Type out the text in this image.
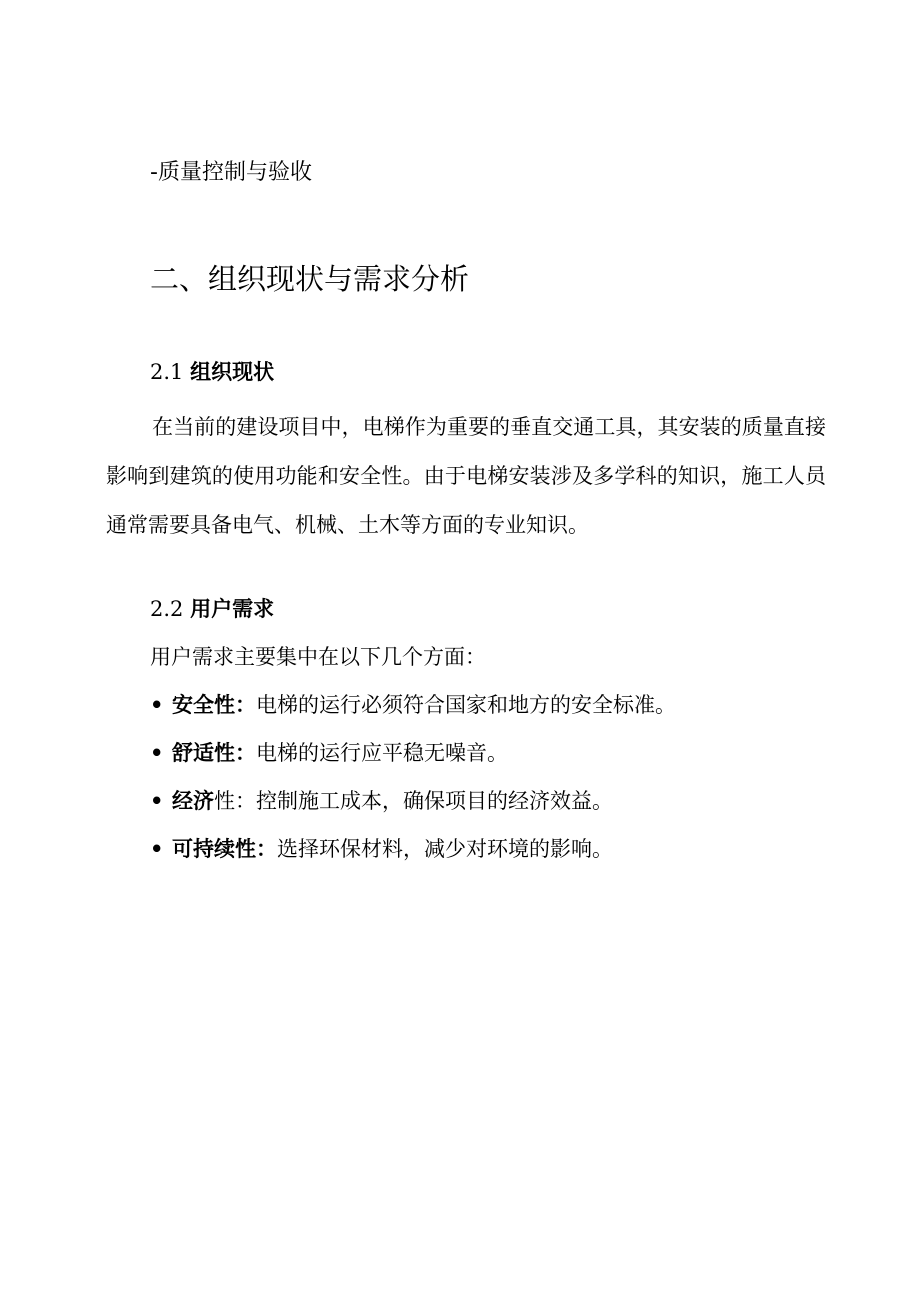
-质量控制与验收
二、组织现状与需求分析
2.1 组织现状
在当前的建设项目中，电梯作为重要的垂直交通工具，其安装的质量直接影响到建筑的使用功能和安全性。由于电梯安装涉及多学科的知识，施工人员通常需要具备电气、机械、土木等方面的专业知识。
2.2 用户需求
用户需求主要集中在以下几个方面：
• 安全性：电梯的运行必须符合国家和地方的安全标准。
• 舒适性：电梯的运行应平稳无噪音。
• 经济性：控制施工成本，确保项目的经济效益。
• 可持续性：选择环保材料，减少对环境的影响。
